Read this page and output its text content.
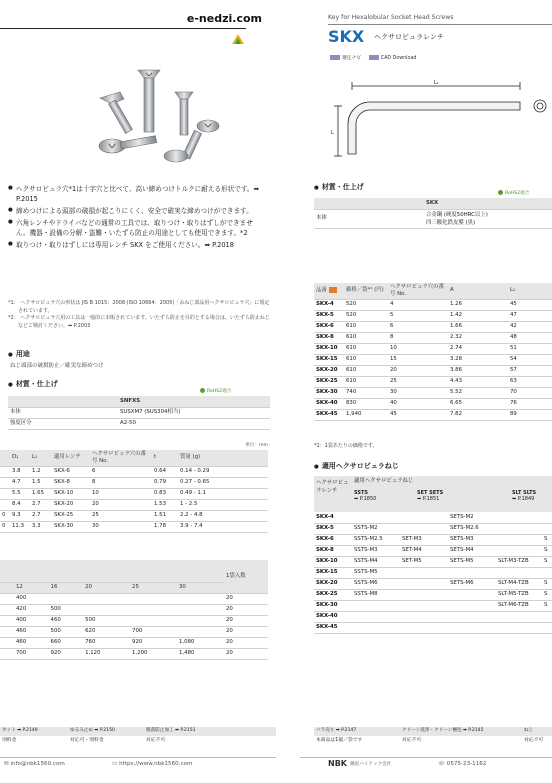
e-nedzi.com
● ヘクサロビュラ穴*1は十字穴と比べて、高い締めつけトルクに耐える形状です。➡ P.2015
● 締めつけによる頭部の破損が起こりにくく、安全で確実な締めつけができます。
● 六角レンチやドライバなどの通常の工具では、取りつけ・取りはずしができません。機器・設備の分解・盗難・いたずら防止の用途としても使用できます。*2
● 取りつけ・取りはずしには専用レンチ SKX をご使用ください。➡ P.2018
*1： ヘクサロビュラ穴の形状は JIS B 1015：2008 (ISO 10664：2005)「おねじ部品用ヘクサロビュラ穴」に規定されています。
*2： ヘクサロビュラ穴用の工具は一般的に市販されています。いたずら防止を目的とする場合は、いたずら防止ねじなどご検討ください。➡ P.2003
● 用途
ねじ頭部の破損防止／確実な締めつけ
● 材質・仕上げ
RoHS2適合
	SNFXS
本体	SUSXM7 (SUS304相当)
強度区分	A2-50
単位：mm
	D₁	L₁	適用レンチ	ヘクサロビュラ穴の番号 No.	t	質量 (g)
	3.8	1.2	SKX-6	6	0.64	0.14 - 0.29
	4.7	1.5	SKX-8	8	0.79	0.27 - 0.65
	5.5	1.65	SKX-10	10	0.83	0.49 - 1.1
	8.4	2.7	SKX-20	20	1.53	1 - 2.5
0	9.3	2.7	SKX-25	25	1.51	2.2 - 4.8
0	11.3	3.3	SKX-30	30	1.78	3.9 - 7.4
						1袋入数
	12	16	20	25	30	
	400					20
	420	500				20
	400	460	500			20
	460	500	620	700		20
	460	660	760	920	1,080	20
	700	920	1,120	1,200	1,480	20
カット ➡ P.2149	ゆるみ止め ➡ P.2150	脱落防止加工 ➡ P.2151
別料金	対応可・別料金	対応不可
✉ info@nbk1560.com	▭ https://www.nbk1560.com
Key for Hexalobular Socket Head Screws
SKX ヘクサロビュラレンチ
選定ナビ	CAD Download
L₁
L
● 材質・仕上げ
RoHS2適合
	SKX
本体	合金鋼 (硬度50HRC以上)
四三酸化鉄皮膜 (黒)
品番	価格／袋*¹ (円)	ヘクサロビュラ穴の番号 No.	A	L₁
SKX-4	520	4	1.26	45
SKX-5	520	5	1.42	47
SKX-6	610	6	1.66	42
SKX-8	610	8	2.32	48
SKX-10	610	10	2.74	51
SKX-15	610	15	3.28	54
SKX-20	610	20	3.86	57
SKX-25	610	25	4.43	63
SKX-30	740	30	5.52	70
SKX-40	830	40	6.65	76
SKX-45	1,940	45	7.82	89
*1：1袋あたりの価格です。
● 適用ヘクサロビュラねじ
ヘクサロビュラレンチ
適用ヘクサロビュラねじ
SSTS
➡ P.1850
SET SETS
➡ P.1851
SLT SLTS
➡ P.1849
SKX-4			SETS-M2		
SKX-5	SSTS-M2		SETS-M2.6		
SKX-6	SSTS-M2.5	SET-M3	SETS-M3		S
SKX-8	SSTS-M3	SET-M4	SETS-M4		S
SKX-10	SSTS-M4	SET-M5	SETS-M5	SLT-M3-TZB	S
SKX-15	SSTS-M5				
SKX-20	SSTS-M6		SETS-M6	SLT-M4-TZB	S
SKX-25	SSTS-M8			SLT-M5-TZB	S
SKX-30				SLT-M6-TZB	S
SKX-40					
SKX-45					
バラ売り ➡ P.2147	クリーン洗浄・クリーン梱包 ➡ P.2145	ねじ
本商品は1個／袋です	対応不可	対応不可
NBK 鍋屋バイテック会社	☏ 0575-23-1162
